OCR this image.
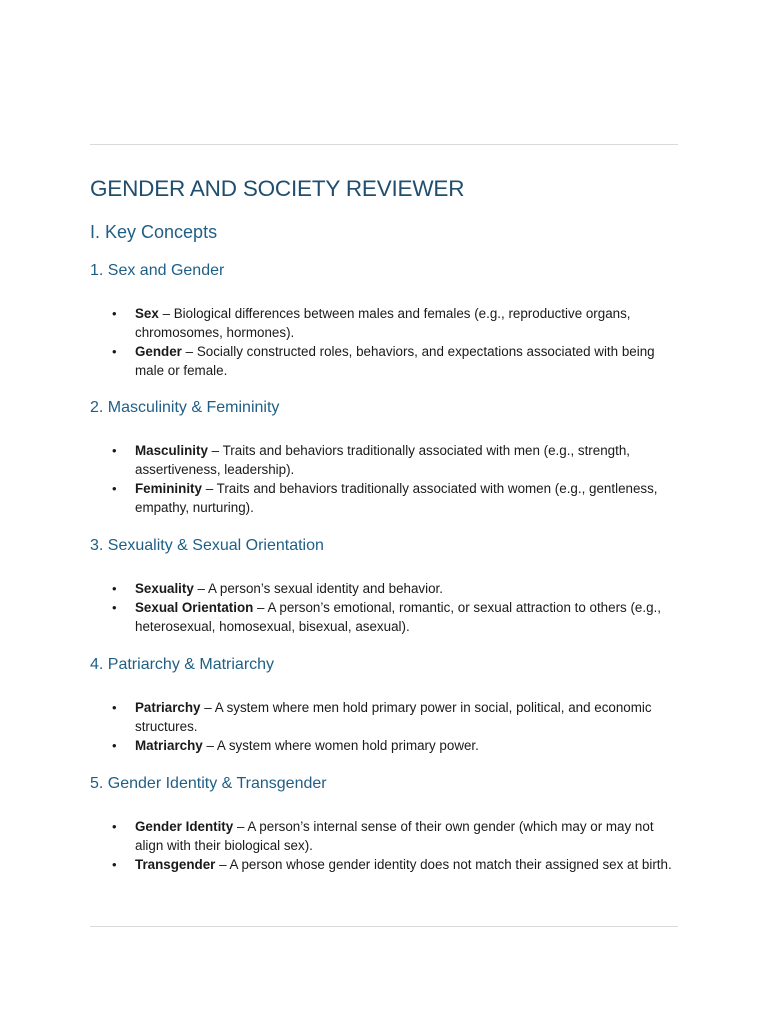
GENDER AND SOCIETY REVIEWER
I. Key Concepts
1. Sex and Gender
• Sex – Biological differences between males and females (e.g., reproductive organs, chromosomes, hormones).
• Gender – Socially constructed roles, behaviors, and expectations associated with being male or female.
2. Masculinity & Femininity
• Masculinity – Traits and behaviors traditionally associated with men (e.g., strength, assertiveness, leadership).
• Femininity – Traits and behaviors traditionally associated with women (e.g., gentleness, empathy, nurturing).
3. Sexuality & Sexual Orientation
• Sexuality – A person’s sexual identity and behavior.
• Sexual Orientation – A person’s emotional, romantic, or sexual attraction to others (e.g., heterosexual, homosexual, bisexual, asexual).
4. Patriarchy & Matriarchy
• Patriarchy – A system where men hold primary power in social, political, and economic structures.
• Matriarchy – A system where women hold primary power.
5. Gender Identity & Transgender
• Gender Identity – A person’s internal sense of their own gender (which may or may not align with their biological sex).
• Transgender – A person whose gender identity does not match their assigned sex at birth.
